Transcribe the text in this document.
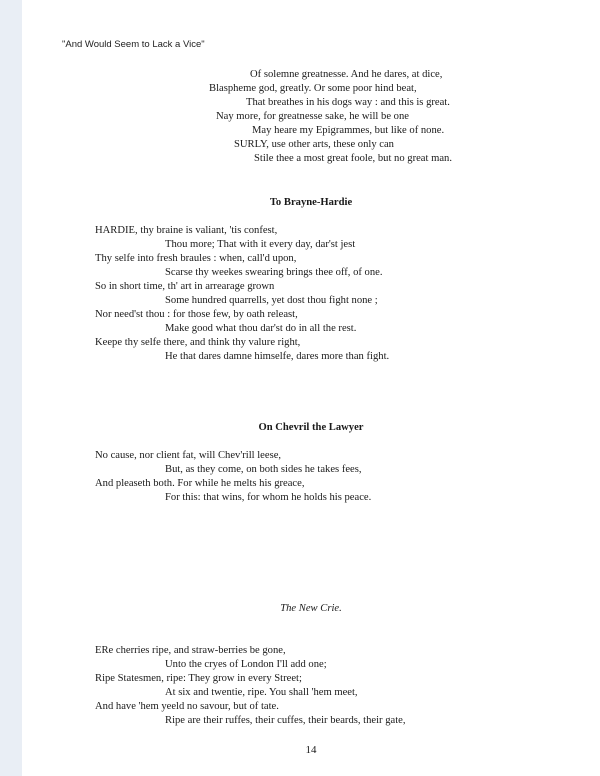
"And Would Seem to Lack a Vice"
Of solemne greatnesse. And he dares, at dice,
Blaspheme god, greatly. Or some poor hind beat,
That breathes in his dogs way : and this is great.
Nay more, for greatnesse sake, he will be one
May heare my Epigrammes, but like of none.
SURLY, use other arts, these only can
Stile thee a most great foole, but no great man.
To Brayne-Hardie
HARDIE, thy braine is valiant, 'tis confest,
Thou more; That with it every day, dar'st jest
Thy selfe into fresh braules : when, call'd upon,
Scarse thy weekes swearing brings thee off, of one.
So in short time, th' art in arrearage grown
Some hundred quarrells, yet dost thou fight none ;
Nor need'st thou : for those few, by oath releast,
Make good what thou dar'st do in all the rest.
Keepe thy selfe there, and think thy valure right,
He that dares damne himselfe, dares more than fight.
On Chevril the Lawyer
No cause, nor client fat, will Chev'rill leese,
But, as they come, on both sides he takes fees,
And pleaseth both. For while he melts his greace,
For this: that wins, for whom he holds his peace.
The New Crie.
ERe cherries ripe, and straw-berries be gone,
Unto the cryes of London I'll add one;
Ripe Statesmen, ripe: They grow in every Street;
At six and twentie, ripe. You shall 'hem meet,
And have 'hem yeeld no savour, but of tate.
Ripe are their ruffes, their cuffes, their beards, their gate,
14
